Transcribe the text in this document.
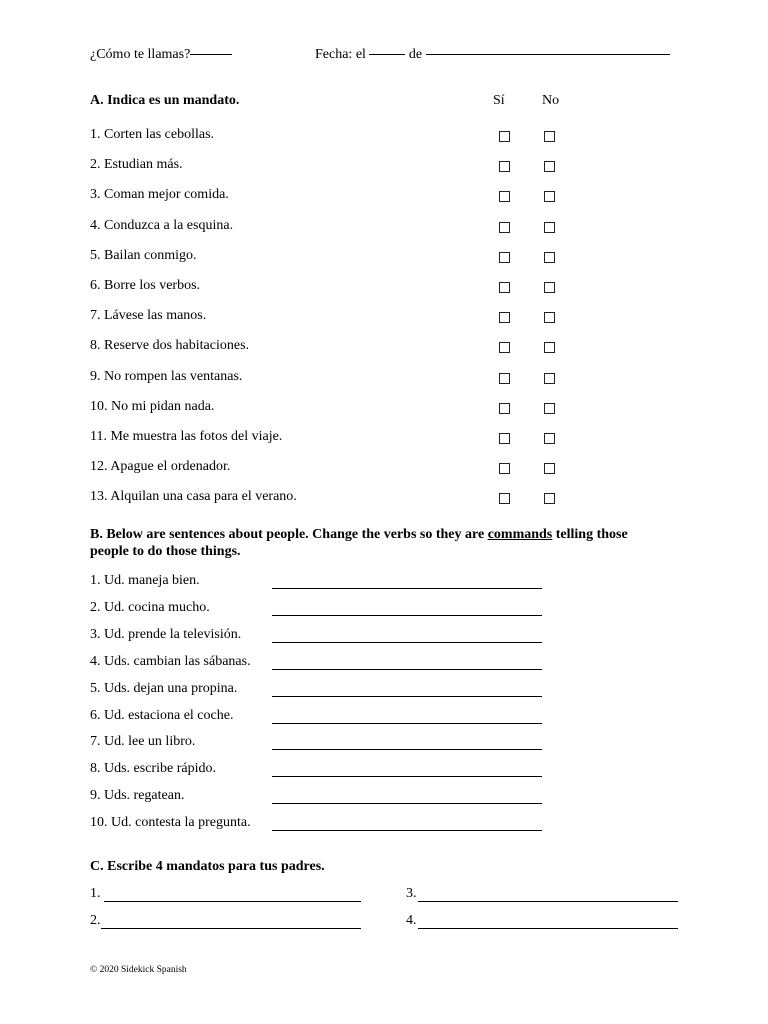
¿Cómo te llamas?	Fecha: el	de
A. Indica es un mandato.	Sí	No
1. Corten las cebollas.
2. Estudian más.
3. Coman mejor comida.
4. Conduzca a la esquina.
5. Bailan conmigo.
6. Borre los verbos.
7. Lávese las manos.
8. Reserve dos habitaciones.
9. No rompen las ventanas.
10. No mi pidan nada.
11. Me muestra las fotos del viaje.
12. Apague el ordenador.
13. Alquilan una casa para el verano.
B. Below are sentences about people. Change the verbs so they are commands telling those
people to do those things.
1. Ud. maneja bien.
2. Ud. cocina mucho.
3. Ud. prende la televisión.
4. Uds. cambian las sábanas.
5. Uds. dejan una propina.
6. Ud. estaciona el coche.
7. Ud. lee un libro.
8. Uds. escribe rápido.
9. Uds. regatean.
10. Ud. contesta la pregunta.
C. Escribe 4 mandatos para tus padres.
1.
2.
3.
4.
© 2020 Sidekick Spanish
